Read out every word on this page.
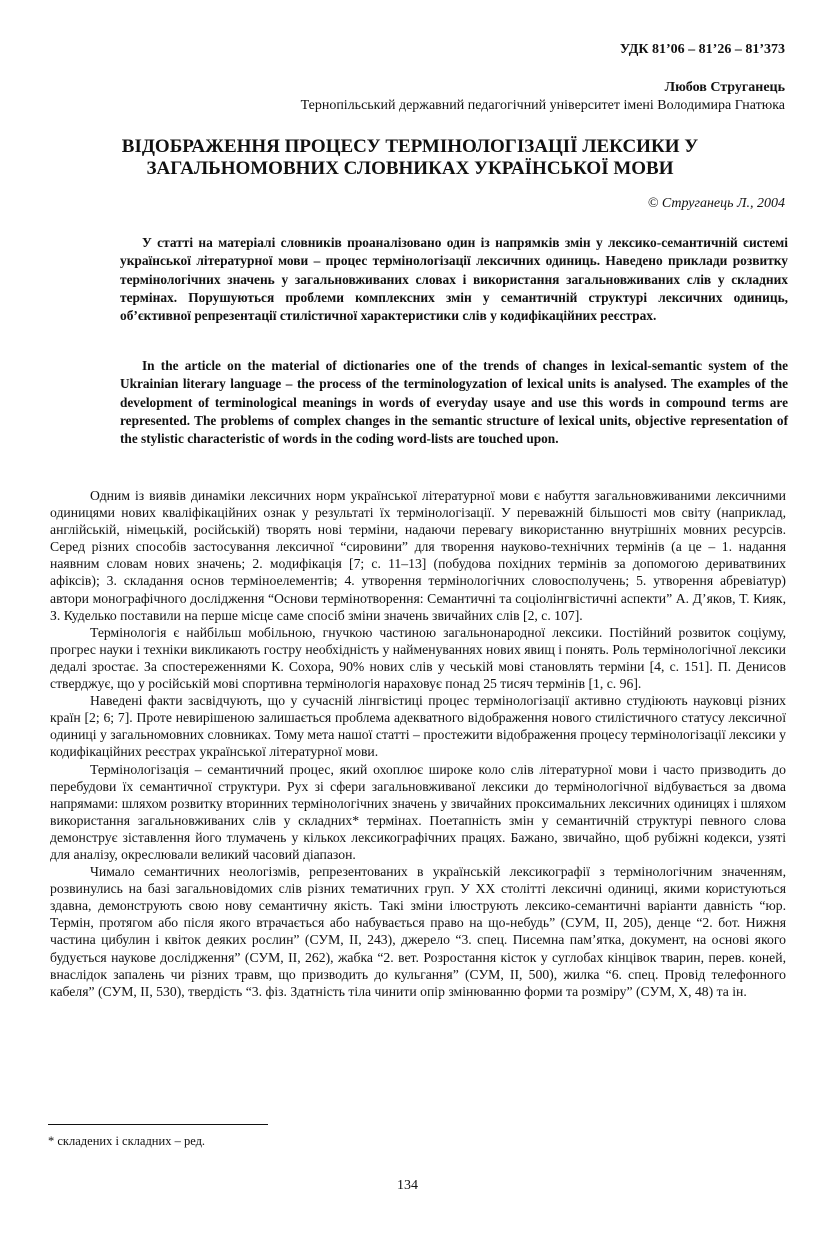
УДК 81’06 – 81’26 – 81’373
Любов Струганець
Тернопільський державний педагогічний університет імені Володимира Гнатюка
ВІДОБРАЖЕННЯ ПРОЦЕСУ ТЕРМІНОЛОГІЗАЦІЇ ЛЕКСИКИ У ЗАГАЛЬНОМОВНИХ СЛОВНИКАХ УКРАЇНСЬКОЇ МОВИ
© Струганець Л., 2004
У статті на матеріалі словників проаналізовано один із напрямків змін у лексико-семантичній системі української літературної мови – процес термінологізації лексичних одиниць. Наведено приклади розвитку термінологічних значень у загальновживаних словах і використання загальновживаних слів у складних термінах. Порушуються проблеми комплексних змін у семантичній структурі лексичних одиниць, об’єктивної репрезентації стилістичної характеристики слів у кодифікаційних реєстрах.
In the article on the material of dictionaries one of the trends of changes in lexical-semantic system of the Ukrainian literary language – the process of the terminologyzation of lexical units is analysed. The examples of the development of terminological meanings in words of everyday usaye and use this words in compound terms are represented. The problems of complex changes in the semantic structure of lexical units, objective representation of the stylistic characteristic of words in the coding word-lists are touched upon.

Одним із виявів динаміки лексичних норм української літературної мови є набуття загальновживаними лексичними одиницями нових кваліфікаційних ознак у результаті їх термінологізації. У переважній більшості мов світу (наприклад, англійській, німецькій, російській) творять нові терміни, надаючи перевагу використанню внутрішніх мовних ресурсів. Серед різних способів застосування лексичної “сировини” для творення науково-технічних термінів (а це – 1. надання наявним словам нових значень; 2. модифікація [7; с. 11–13] (побудова похідних термінів за допомогою дериватвиних афіксів); 3. складання основ терміноелементів; 4. утворення термінологічних словосполучень; 5. утворення абревіатур) автори монографічного дослідження “Основи термінотворення: Семантичні та соціолінгвістичні аспекти” А. Д’яков, Т. Кияк, З. Куделько поставили на перше місце саме спосіб зміни значень звичайних слів [2, с. 107].

Термінологія є найбільш мобільною, гнучкою частиною загальнонародної лексики. Постійний розвиток соціуму, прогрес науки і техніки викликають гостру необхідність у найменуваннях нових явищ і понять. Роль термінологічної лексики дедалі зростає. За спостереженнями К. Сохора, 90% нових слів у чеській мові становлять терміни [4, с. 151]. П. Денисов стверджує, що у російській мові спортивна термінологія нараховує понад 25 тисяч термінів [1, с. 96].

Наведені факти засвідчують, що у сучасній лінгвістиці процес термінологізації активно студіюють науковці різних країн [2; 6; 7]. Проте невирішеною залишається проблема адекватного відображення нового стилістичного статусу лексичної одиниці у загальномовних словниках. Тому мета нашої статті – простежити відображення процесу термінологізації лексики у кодифікаційних реєстрах української літературної мови.

Термінологізація – семантичний процес, який охоплює широке коло слів літературної мови і часто призводить до перебудови їх семантичної структури. Рух зі сфери загальновживаної лексики до термінологічної відбувається за двома напрямами: шляхом розвитку вторинних термінологічних значень у звичайних проксимальних лексичних одиницях і шляхом використання загальновживаних слів у складних* термінах. Поетапність змін у семантичній структурі певного слова демонструє зіставлення його тлумачень у кількох лексикографічних працях. Бажано, звичайно, щоб рубіжні кодекси, узяті для аналізу, окреслювали великий часовий діапазон.

Чимало семантичних неологізмів, репрезентованих в українській лексикографії з термінологічним значенням, розвинулись на базі загальновідомих слів різних тематичних груп. У XX столітті лексичні одиниці, якими користуються здавна, демонструють свою нову семантичну якість. Такі зміни ілюструють лексико-семантичні варіанти давність “юр. Термін, протягом або після якого втрачається або набувається право на що-небудь” (СУМ, II, 205), денце “2. бот. Нижня частина цибулин і квіток деяких рослин” (СУМ, II, 243), джерело “3. спец. Писемна пам’ятка, документ, на основі якого будується наукове дослідження” (СУМ, II, 262), жабка “2. вет. Розростання кісток у суглобах кінцівок тварин, перев. коней, внаслідок запалень чи різних травм, що призводить до кульгання” (СУМ, II, 500), жилка “6. спец. Провід телефонного кабеля” (СУМ, II, 530), твердість “3. фіз. Здатність тіла чинити опір змінюванню форми та розміру” (СУМ, X, 48) та ін.

* складених і складних – ред.
134
